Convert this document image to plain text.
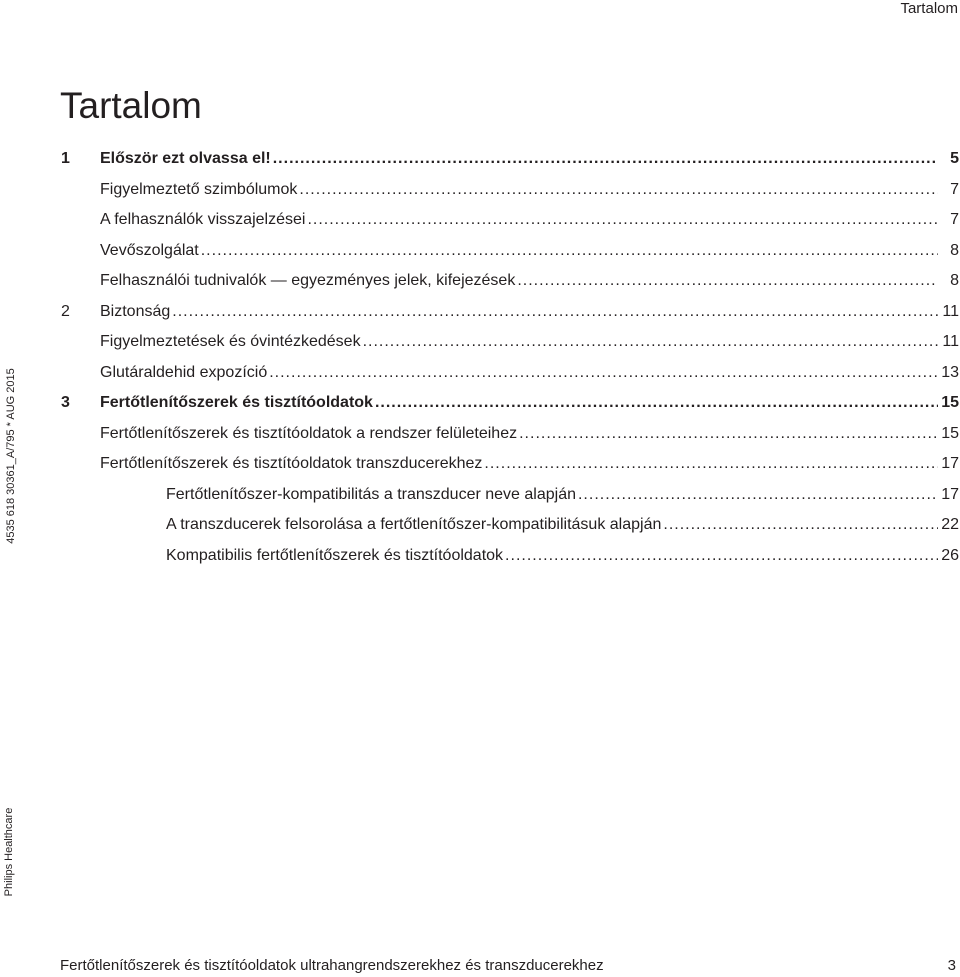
Tartalom
Tartalom
1 Először ezt olvassa el! .....	5
Figyelmeztető szimbólumok .....	7
A felhasználók visszajelzései .....	7
Vevőszolgálat .....	8
Felhasználói tudnivalók — egyezményes jelek, kifejezések .....	8
2 Biztonság .....	11
Figyelmeztetések és óvintézkedések .....	11
Glutáraldehid expozíció .....	13
3 Fertőtlenítőszerek és tisztítóoldatok .....	15
Fertőtlenítőszerek és tisztítóoldatok a rendszer felületeihez .....	15
Fertőtlenítőszerek és tisztítóoldatok transzducerekhez .....	17
Fertőtlenítőszer-kompatibilitás a transzducer neve alapján .....	17
A transzducerek felsorolása a fertőtlenítőszer-kompatibilitásuk alapján .....	22
Kompatibilis fertőtlenítőszerek és tisztítóoldatok .....	26
4535 618 30361_A/795 * AUG 2015
Philips Healthcare
Fertőtlenítőszerek és tisztítóoldatok ultrahangrendszerekhez és transzducerekhez	3
